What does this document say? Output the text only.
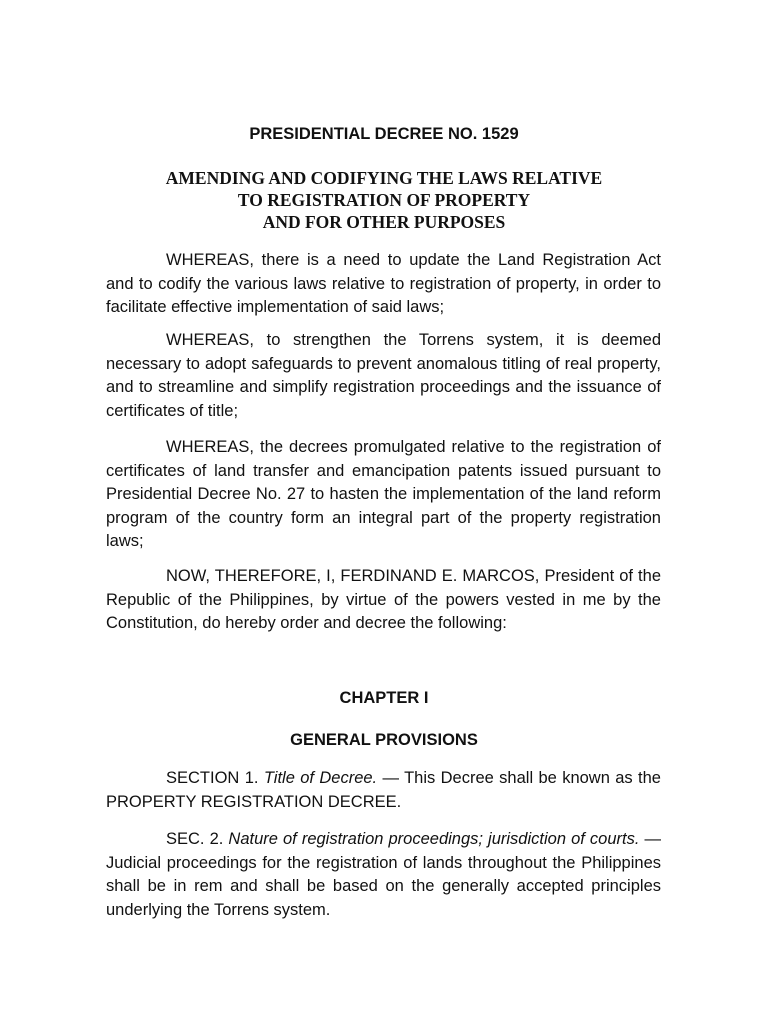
PRESIDENTIAL DECREE NO. 1529
AMENDING AND CODIFYING THE LAWS RELATIVE
TO REGISTRATION OF PROPERTY
AND FOR OTHER PURPOSES

WHEREAS, there is a need to update the Land Registration Act and to codify the various laws relative to registration of property, in order to facilitate effective implementation of said laws;

WHEREAS, to strengthen the Torrens system, it is deemed necessary to adopt safeguards to prevent anomalous titling of real property, and to streamline and simplify registration proceedings and the issuance of certificates of title;

WHEREAS, the decrees promulgated relative to the registration of certificates of land transfer and emancipation patents issued pursuant to Presidential Decree No. 27 to hasten the implementation of the land reform program of the country form an integral part of the property registration laws;

NOW, THEREFORE, I, FERDINAND E. MARCOS, President of the Republic of the Philippines, by virtue of the powers vested in me by the Constitution, do hereby order and decree the following:

CHAPTER I
GENERAL PROVISIONS

SECTION 1. Title of Decree. — This Decree shall be known as the PROPERTY REGISTRATION DECREE.

SEC. 2. Nature of registration proceedings; jurisdiction of courts. — Judicial proceedings for the registration of lands throughout the Philippines shall be in rem and shall be based on the generally accepted principles underlying the Torrens system.
